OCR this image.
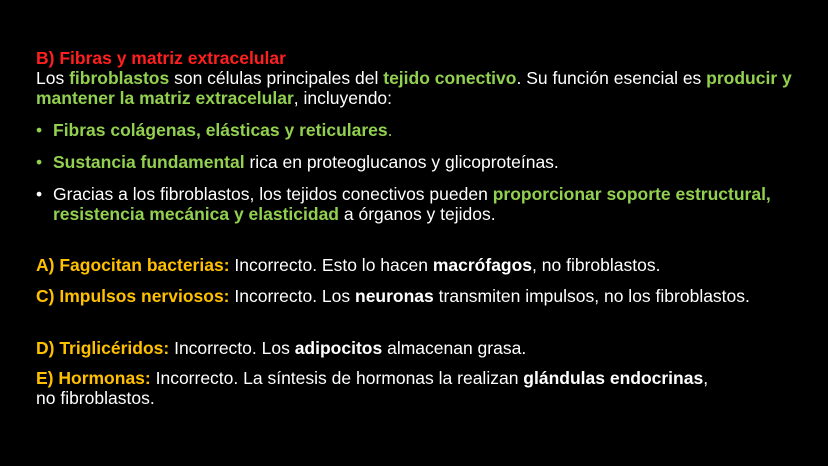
B) Fibras y matriz extracelular
Los fibroblastos son células principales del tejido conectivo. Su función esencial es producir y mantener la matriz extracelular, incluyendo:
• Fibras colágenas, elásticas y reticulares.
• Sustancia fundamental rica en proteoglucanos y glicoproteínas.
• Gracias a los fibroblastos, los tejidos conectivos pueden proporcionar soporte estructural, resistencia mecánica y elasticidad a órganos y tejidos.

A) Fagocitan bacterias: Incorrecto. Esto lo hacen macrófagos, no fibroblastos.

C) Impulsos nerviosos: Incorrecto. Los neuronas transmiten impulsos, no los fibroblastos.

D) Triglicéridos: Incorrecto. Los adipocitos almacenan grasa.

E) Hormonas: Incorrecto. La síntesis de hormonas la realizan glándulas endocrinas, no fibroblastos.
